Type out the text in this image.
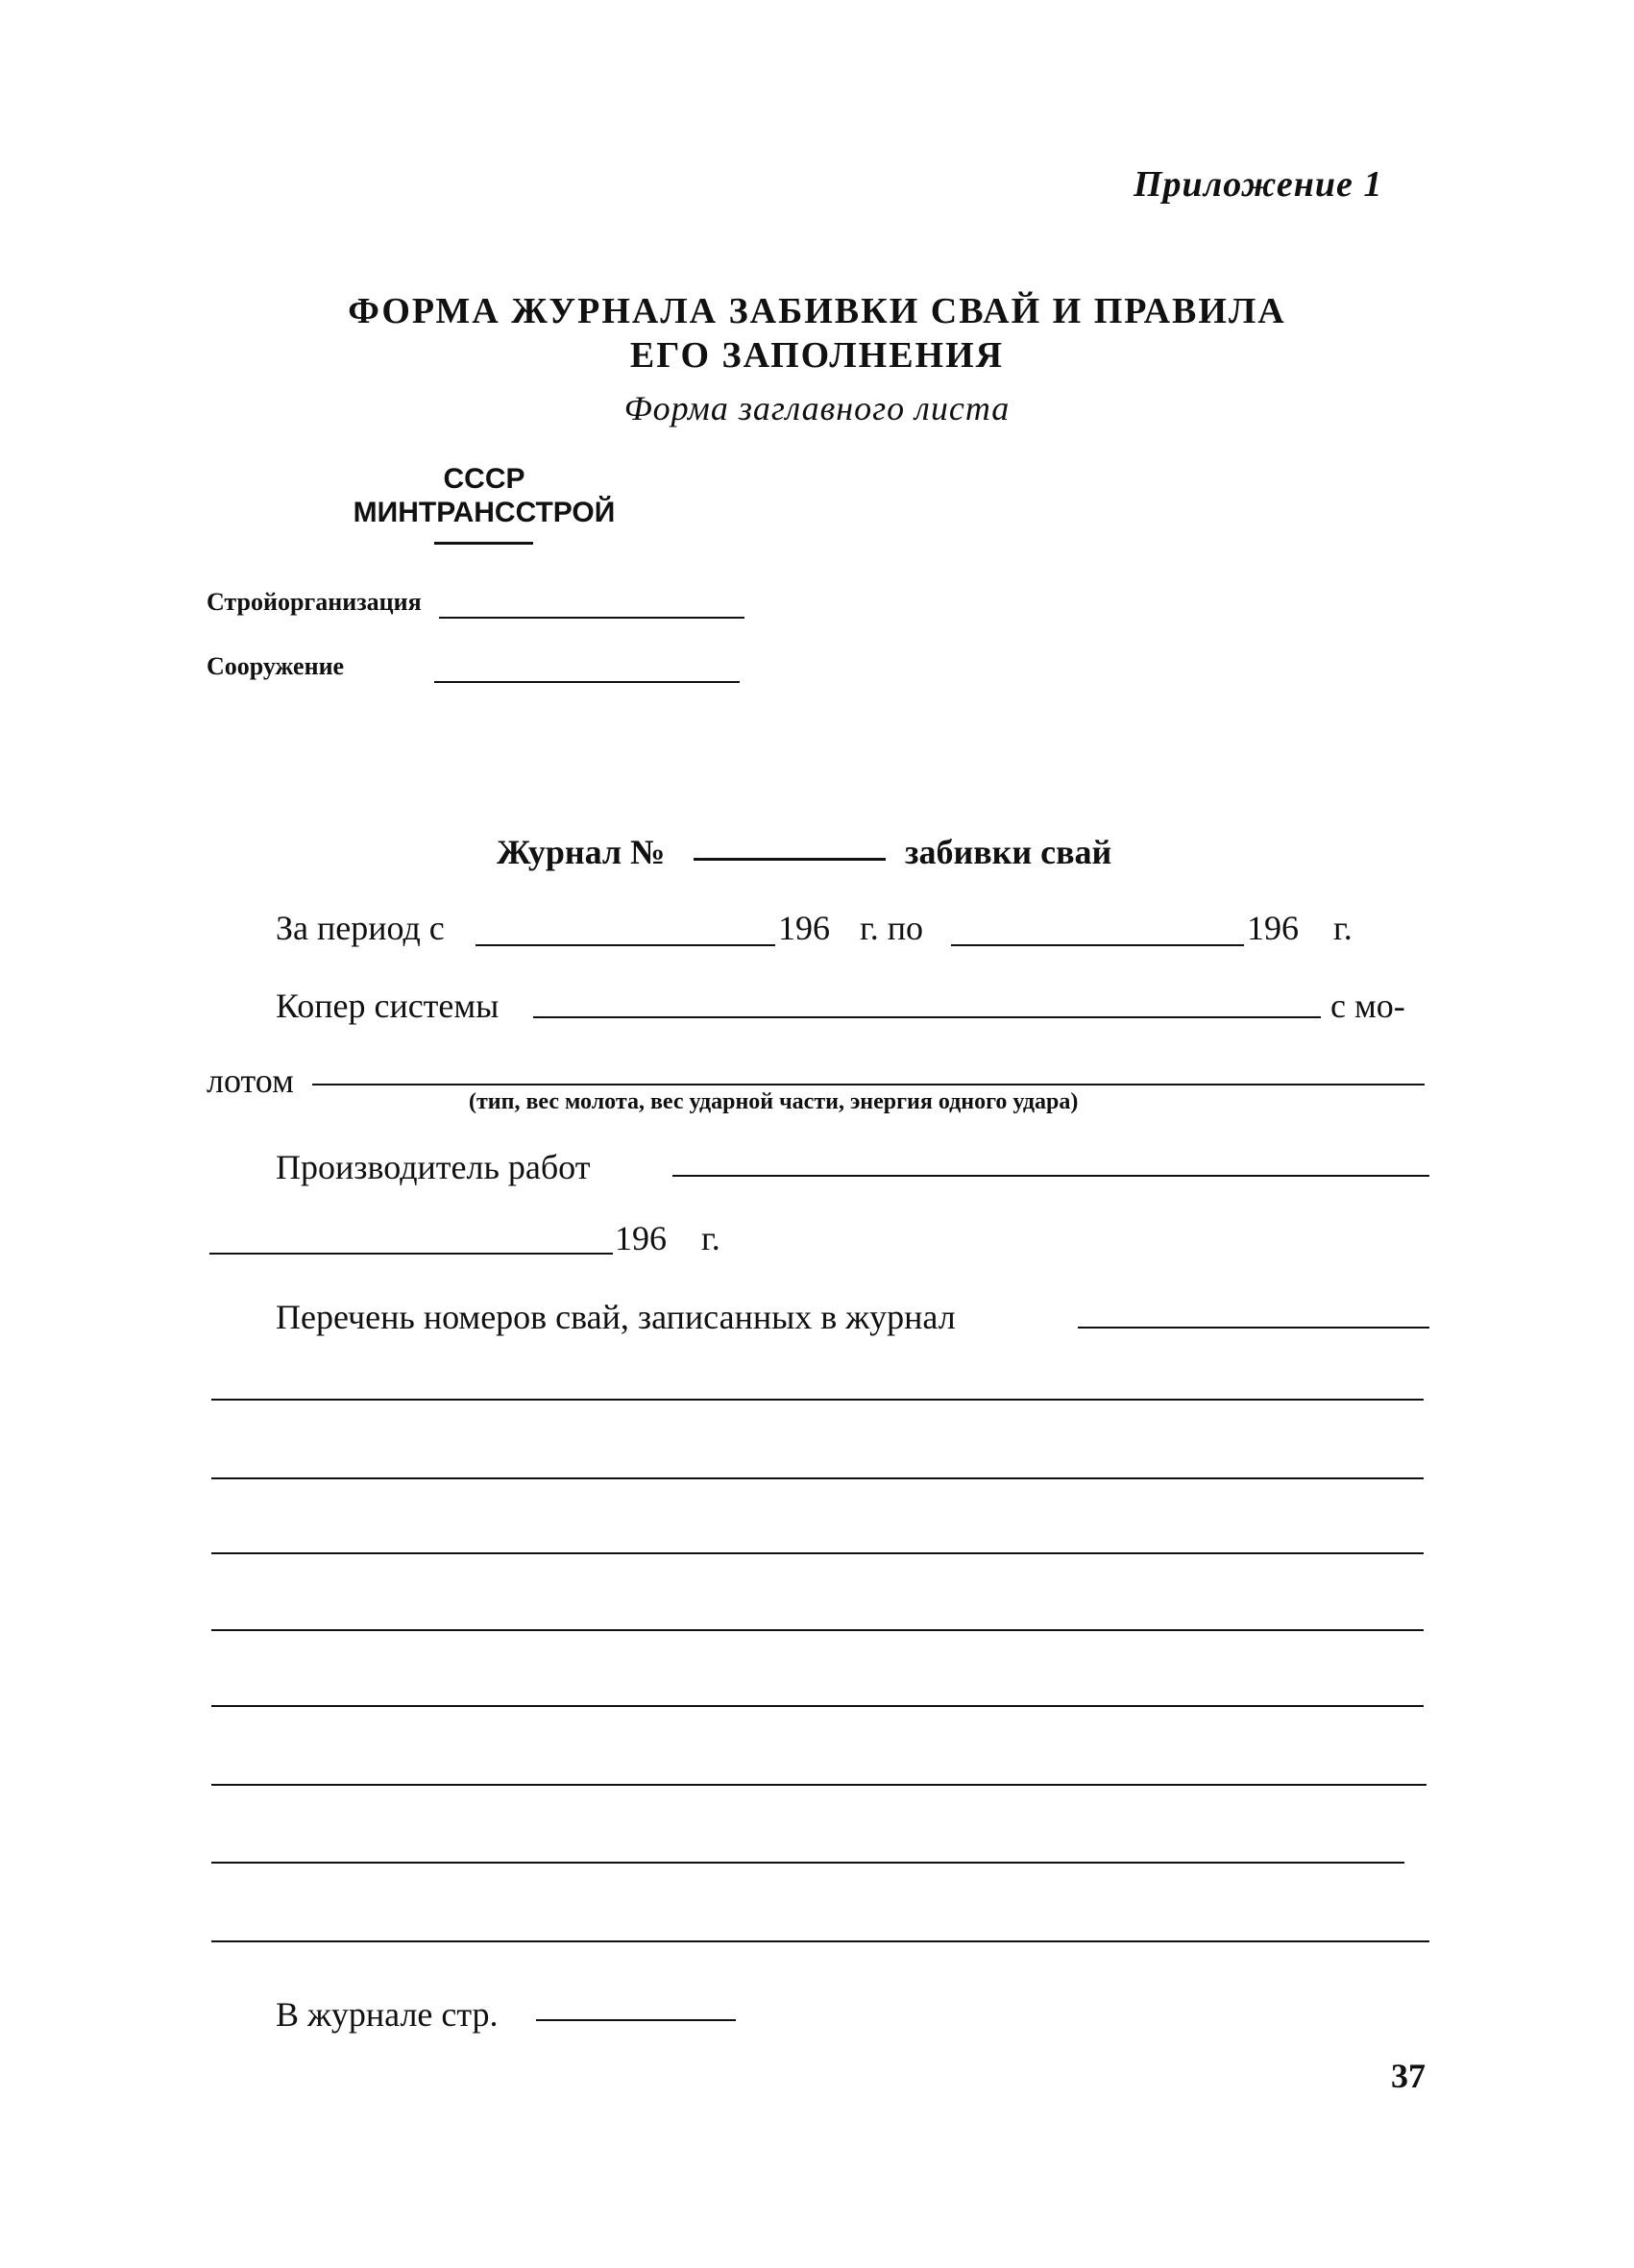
Приложение 1
ФОРМА ЖУРНАЛА ЗАБИВКИ СВАЙ И ПРАВИЛА
ЕГО ЗАПОЛНЕНИЯ
Форма заглавного листа
СССР
МИНТРАНССТРОЙ
Стройорганизация
Сооружение
Журнал №	забивки свай
За период с	196 г. по	196 г.
Копер системы	с мо-
лотом
(тип, вес молота, вес ударной части, энергия одного удара)
Производитель работ
196 г.
Перечень номеров свай, записанных в журнал
В журнале стр.
37
